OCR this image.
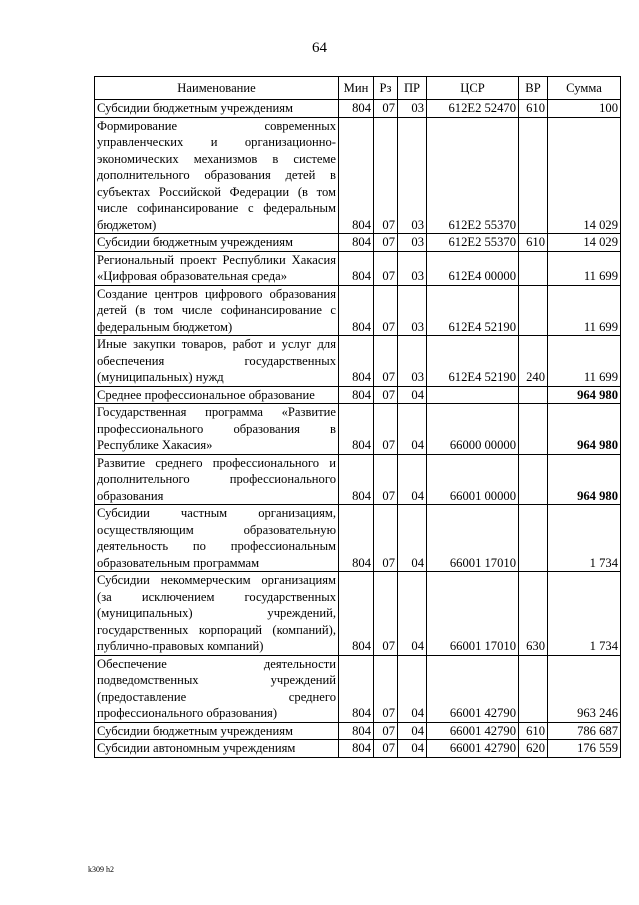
64
Наименование	Мин	Рз	ПР	ЦСР	ВР	Сумма
Субсидии бюджетным учреждениям	804	07	03	612E2 52470	610	100
Формирование современных управленческих и организационно-экономических механизмов в системе дополнительного образования детей в субъектах Российской Федерации (в том числе софинансирование с федеральным бюджетом)	804	07	03	612E2 55370		14 029
Субсидии бюджетным учреждениям	804	07	03	612E2 55370	610	14 029
Региональный проект Республики Хакасия «Цифровая образовательная среда»	804	07	03	612E4 00000		11 699
Создание центров цифрового образования детей (в том числе софинансирование с федеральным бюджетом)	804	07	03	612E4 52190		11 699
Иные закупки товаров, работ и услуг для обеспечения государственных (муниципальных) нужд	804	07	03	612E4 52190	240	11 699
Среднее профессиональное образование	804	07	04			964 980
Государственная программа «Развитие профессионального образования в Республике Хакасия»	804	07	04	66000 00000		964 980
Развитие среднего профессионального и дополнительного профессионального образования	804	07	04	66001 00000		964 980
Субсидии частным организациям, осуществляющим образовательную деятельность по профессиональным образовательным программам	804	07	04	66001 17010		1 734
Субсидии некоммерческим организациям (за исключением государственных (муниципальных) учреждений, государственных корпораций (компаний), публично-правовых компаний)	804	07	04	66001 17010	630	1 734
Обеспечение деятельности подведомственных учреждений (предоставление среднего профессионального образования)	804	07	04	66001 42790		963 246
Субсидии бюджетным учреждениям	804	07	04	66001 42790	610	786 687
Субсидии автономным учреждениям	804	07	04	66001 42790	620	176 559
k309 h2
